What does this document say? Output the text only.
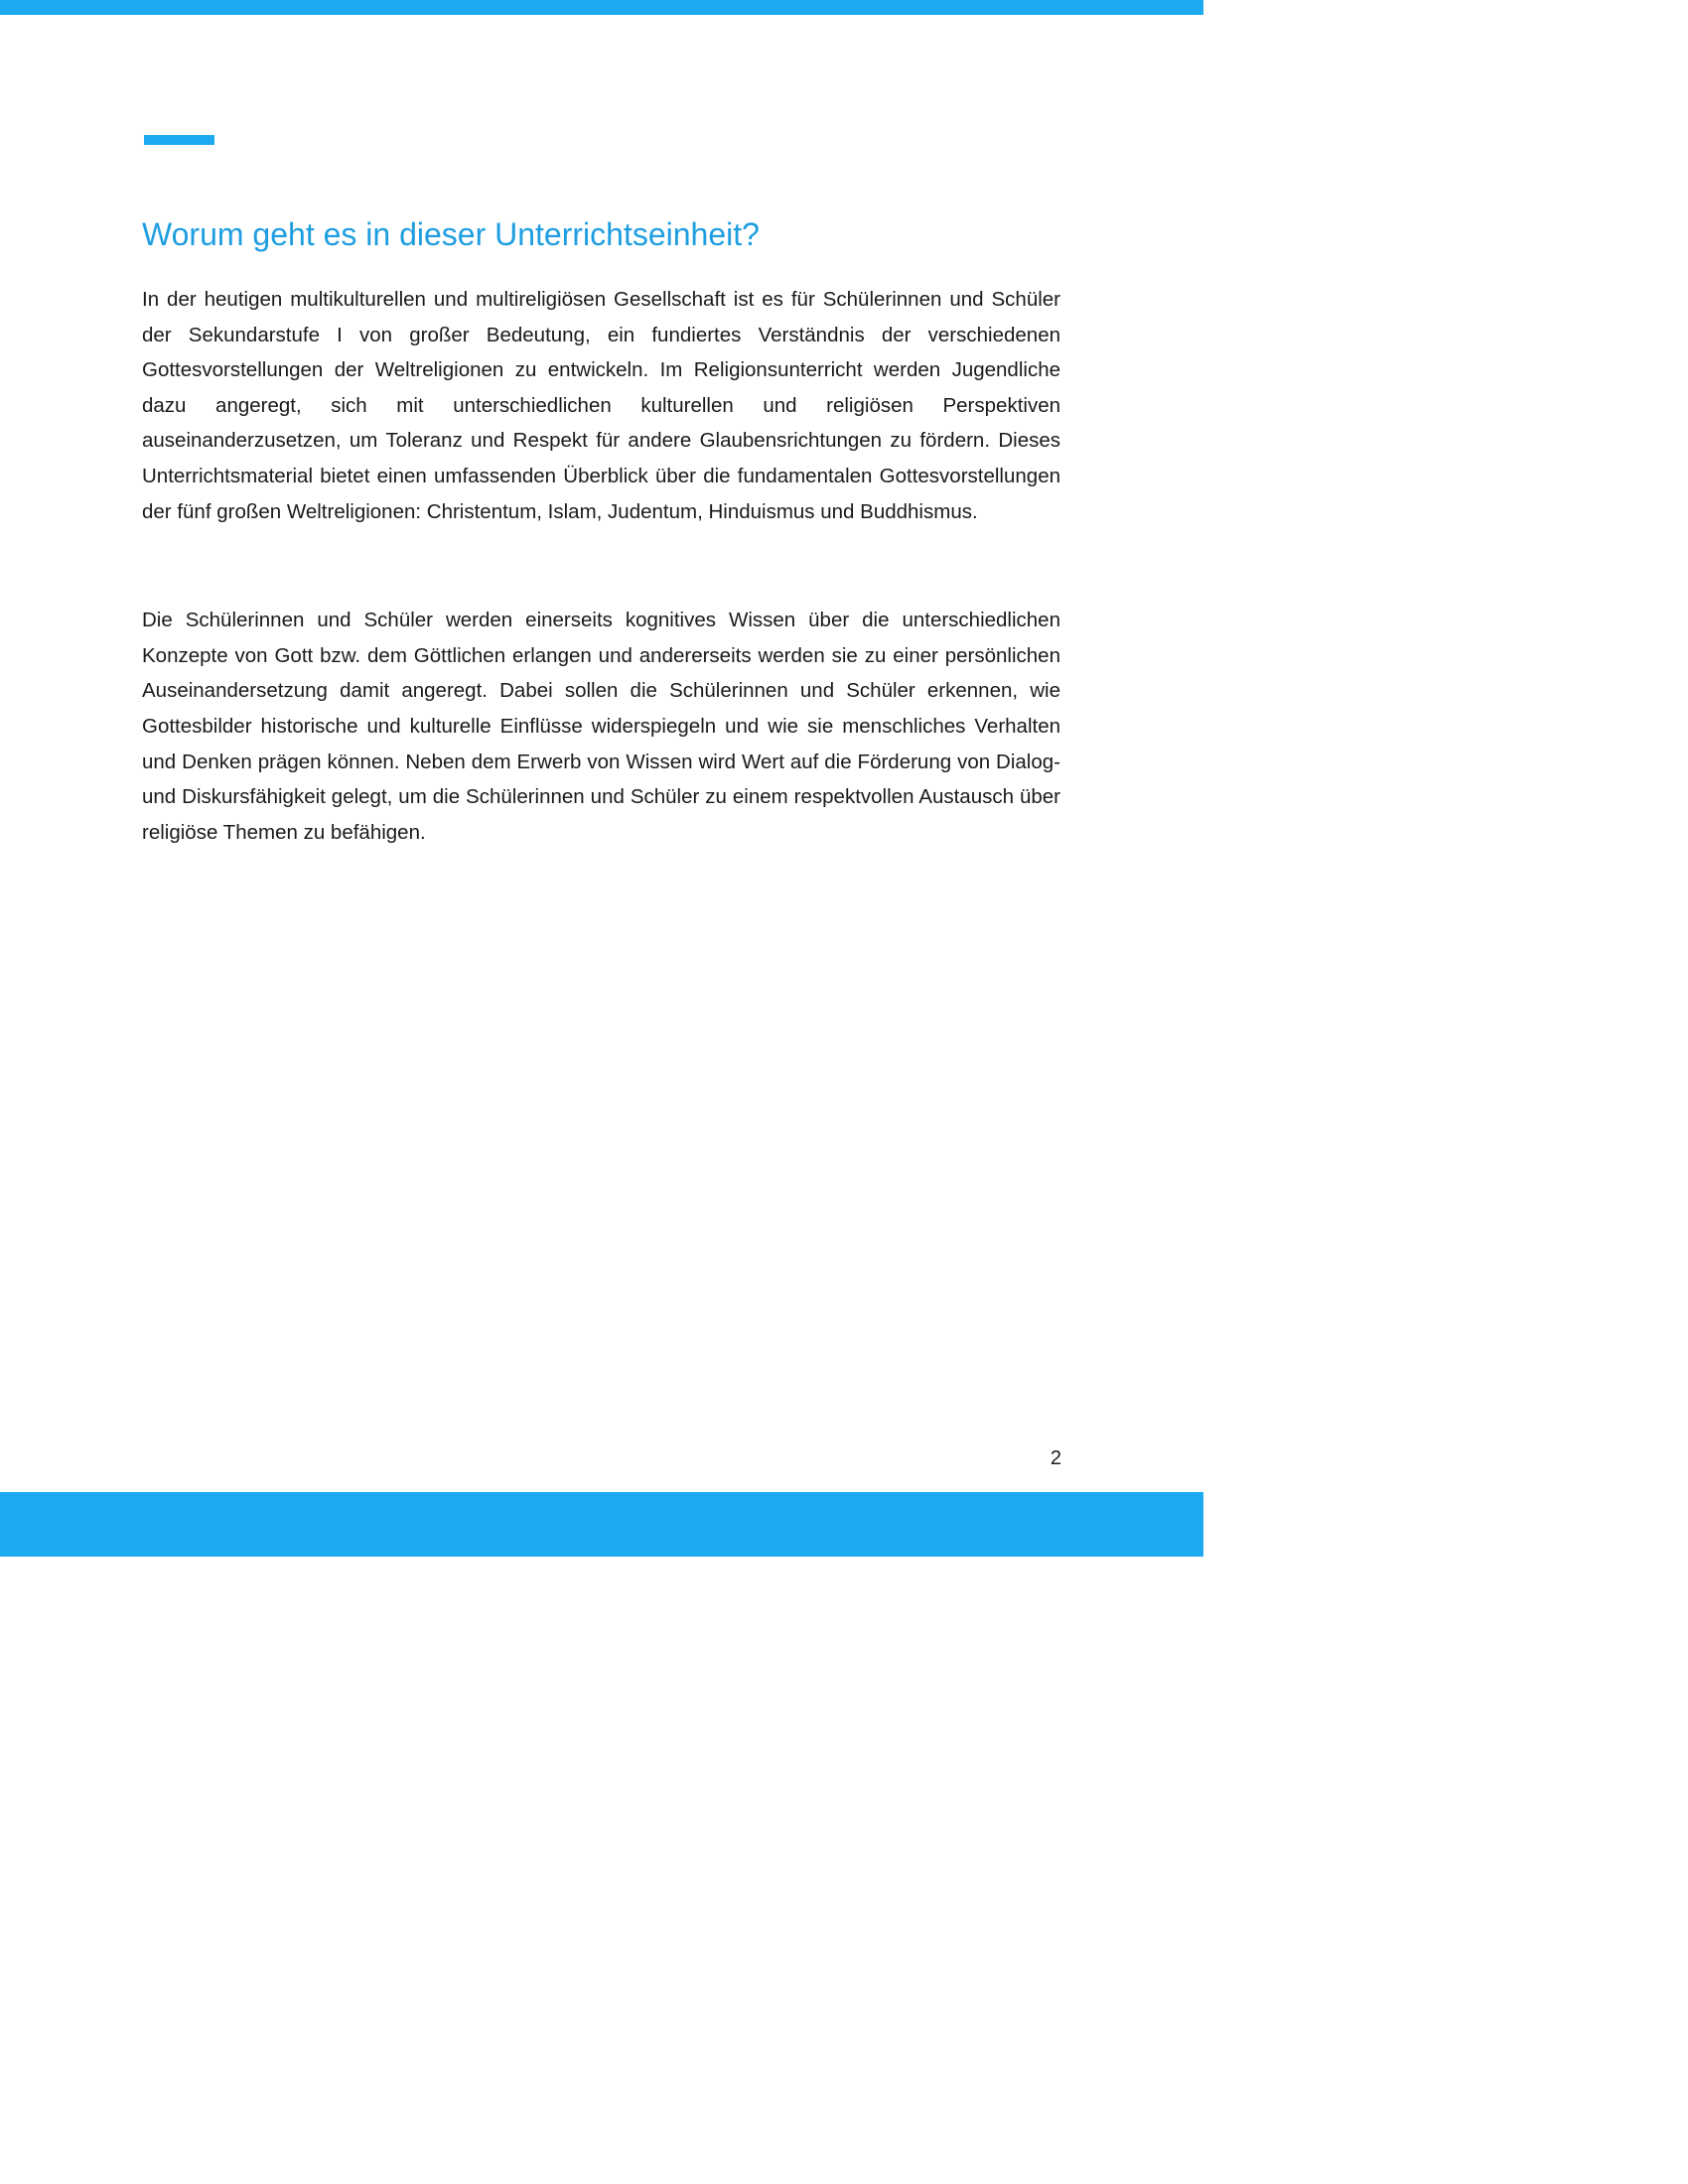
Worum geht es in dieser Unterrichtseinheit?

In der heutigen multikulturellen und multireligiösen Gesellschaft ist es für Schülerinnen und Schüler der Sekundarstufe I von großer Bedeutung, ein fundiertes Verständnis der verschiedenen Gottesvorstellungen der Weltreligionen zu entwickeln. Im Religionsunterricht werden Jugendliche dazu angeregt, sich mit unterschiedlichen kulturellen und religiösen Perspektiven auseinanderzusetzen, um Toleranz und Respekt für andere Glaubensrichtungen zu fördern. Dieses Unterrichtsmaterial bietet einen umfassenden Überblick über die fundamentalen Gottesvorstellungen der fünf großen Weltreligionen: Christentum, Islam, Judentum, Hinduismus und Buddhismus.

Die Schülerinnen und Schüler werden einerseits kognitives Wissen über die unterschiedlichen Konzepte von Gott bzw. dem Göttlichen erlangen und andererseits werden sie zu einer persönlichen Auseinandersetzung damit angeregt. Dabei sollen die Schülerinnen und Schüler erkennen, wie Gottesbilder historische und kulturelle Einflüsse widerspiegeln und wie sie menschliches Verhalten und Denken prägen können. Neben dem Erwerb von Wissen wird Wert auf die Förderung von Dialog- und Diskursfähigkeit gelegt, um die Schülerinnen und Schüler zu einem respektvollen Austausch über religiöse Themen zu befähigen.

2
